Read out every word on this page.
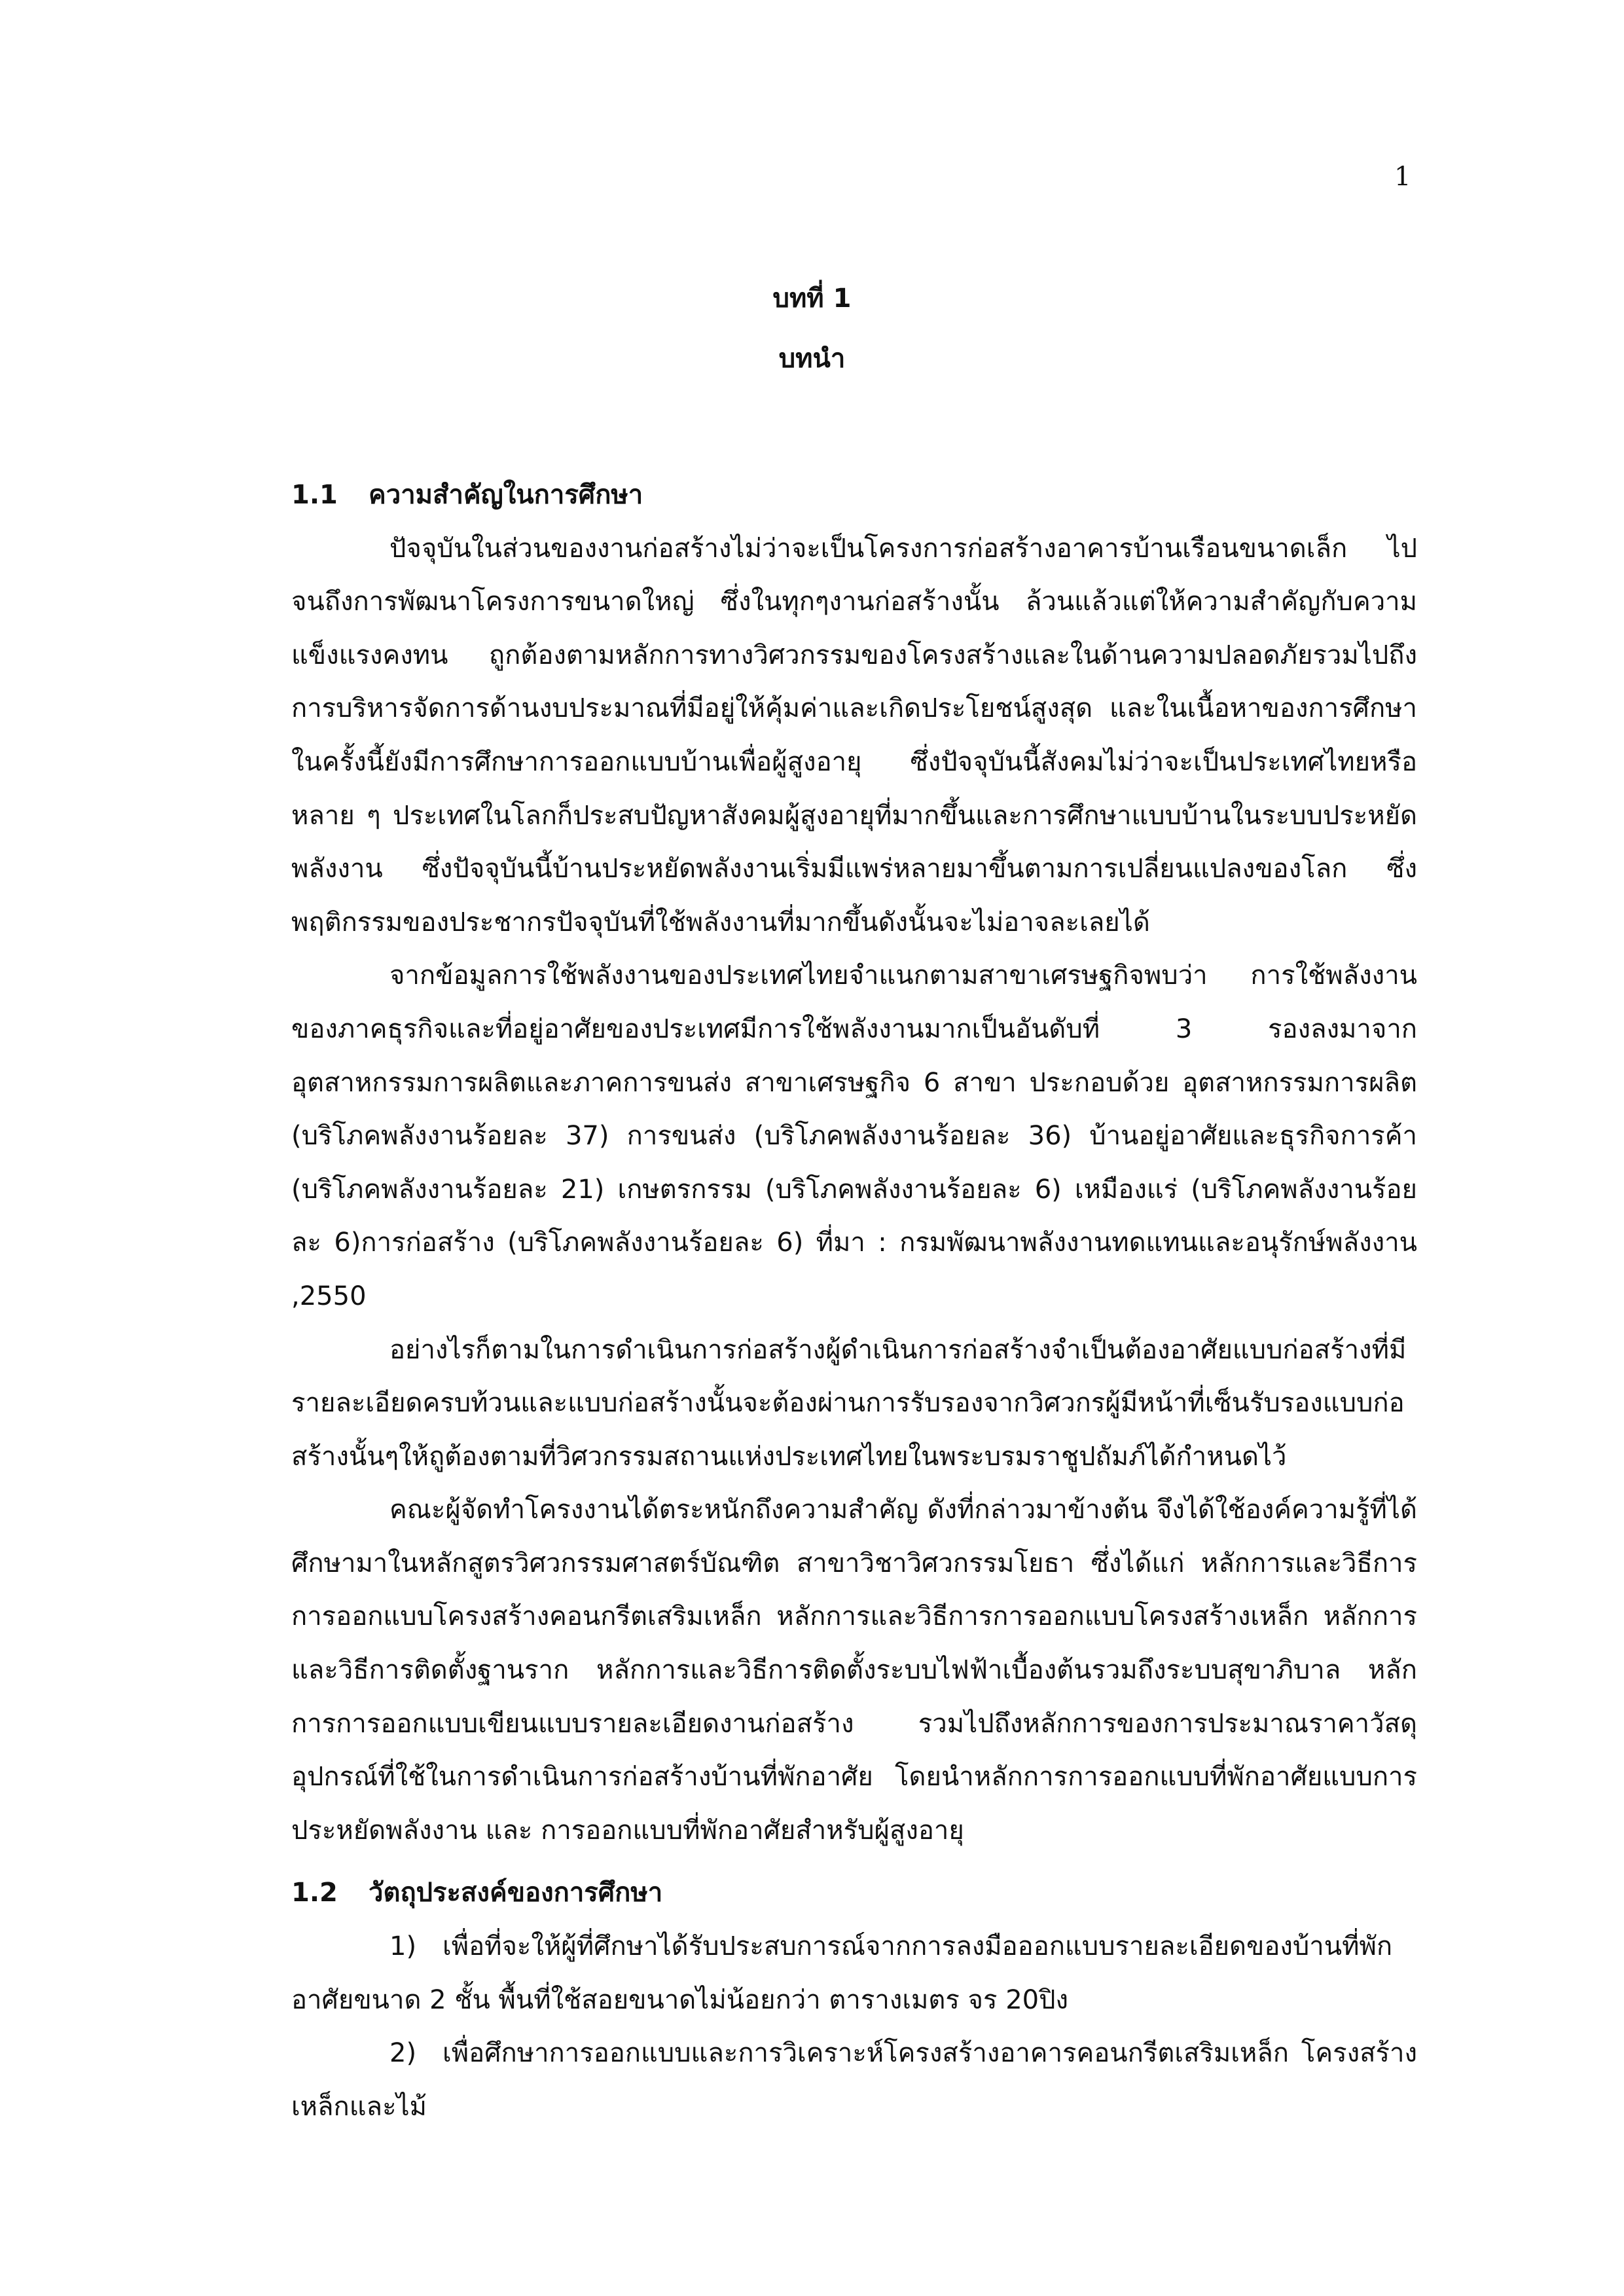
1
บทที่ 1
บทนำ
1.1 ความสำคัญในการศึกษา

ปัจจุบันในส่วนของงานก่อสร้างไม่ว่าจะเป็นโครงการก่อสร้างอาคารบ้านเรือนขนาดเล็ก ไปจนถึงการพัฒนาโครงการขนาดใหญ่ ซึ่งในทุกๆงานก่อสร้างนั้น ล้วนแล้วแต่ให้ความสำคัญกับความแข็งแรงคงทน ถูกต้องตามหลักการทางวิศวกรรมของโครงสร้างและในด้านความปลอดภัยรวมไปถึงการบริหารจัดการด้านงบประมาณที่มีอยู่ให้คุ้มค่าและเกิดประโยชน์สูงสุด และในเนื้อหาของการศึกษาในครั้งนี้ยังมีการศึกษาการออกแบบบ้านเพื่อผู้สูงอายุ ซึ่งปัจจุบันนี้สังคมไม่ว่าจะเป็นประเทศไทยหรือหลาย ๆ ประเทศในโลกก็ประสบปัญหาสังคมผู้สูงอายุที่มากขึ้นและการศึกษาแบบบ้านในระบบประหยัดพลังงาน ซึ่งปัจจุบันนี้บ้านประหยัดพลังงานเริ่มมีแพร่หลายมาขึ้นตามการเปลี่ยนแปลงของโลก ซึ่งพฤติกรรมของประชากรปัจจุบันที่ใช้พลังงานที่มากขึ้นดังนั้นจะไม่อาจละเลยได้

จากข้อมูลการใช้พลังงานของประเทศไทยจำแนกตามสาขาเศรษฐกิจพบว่า การใช้พลังงานของภาคธุรกิจและที่อยู่อาศัยของประเทศมีการใช้พลังงานมากเป็นอันดับที่ 3 รองลงมาจากอุตสาหกรรมการผลิตและภาคการขนส่ง สาขาเศรษฐกิจ 6 สาขา ประกอบด้วย อุตสาหกรรมการผลิต (บริโภคพลังงานร้อยละ 37) การขนส่ง (บริโภคพลังงานร้อยละ 36) บ้านอยู่อาศัยและธุรกิจการค้า (บริโภคพลังงานร้อยละ 21) เกษตรกรรม (บริโภคพลังงานร้อยละ 6) เหมืองแร่ (บริโภคพลังงานร้อยละ 6)การก่อสร้าง (บริโภคพลังงานร้อยละ 6) ที่มา : กรมพัฒนาพลังงานทดแทนและอนุรักษ์พลังงาน ,2550

อย่างไรก็ตามในการดำเนินการก่อสร้างผู้ดำเนินการก่อสร้างจำเป็นต้องอาศัยแบบก่อสร้างที่มีรายละเอียดครบท้วนและแบบก่อสร้างนั้นจะต้องผ่านการรับรองจากวิศวกรผู้มีหน้าที่เซ็นรับรองแบบก่อสร้างนั้นๆให้ถูต้องตามที่วิศวกรรมสถานแห่งประเทศไทยในพระบรมราชูปถัมภ์ได้กำหนดไว้

คณะผู้จัดทำโครงงานได้ตระหนักถึงความสำคัญ ดังที่กล่าวมาข้างต้น จึงได้ใช้องค์ความรู้ที่ได้ศึกษามาในหลักสูตรวิศวกรรมศาสตร์บัณฑิต สาขาวิชาวิศวกรรมโยธา ซึ่งได้แก่ หลักการและวิธีการการออกแบบโครงสร้างคอนกรีตเสริมเหล็ก หลักการและวิธีการการออกแบบโครงสร้างเหล็ก หลักการและวิธีการติดตั้งฐานราก หลักการและวิธีการติดตั้งระบบไฟฟ้าเบื้องต้นรวมถึงระบบสุขาภิบาล หลักการการออกแบบเขียนแบบรายละเอียดงานก่อสร้าง รวมไปถึงหลักการของการประมาณราคาวัสดุอุปกรณ์ที่ใช้ในการดำเนินการก่อสร้างบ้านที่พักอาศัย โดยนำหลักการการออกแบบที่พักอาศัยแบบการประหยัดพลังงาน และ การออกแบบที่พักอาศัยสำหรับผู้สูงอายุ

1.2 วัตถุประสงค์ของการศึกษา

1) เพื่อที่จะให้ผู้ที่ศึกษาได้รับประสบการณ์จากการลงมือออกแบบรายละเอียดของบ้านที่พักอาศัยขนาด 2 ชั้น พื้นที่ใช้สอยขนาดไม่น้อยกว่า ตารางเมตร จร 20ปิง

2) เพื่อศึกษาการออกแบบและการวิเคราะห์โครงสร้างอาคารคอนกรีตเสริมเหล็ก โครงสร้างเหล็กและไม้
